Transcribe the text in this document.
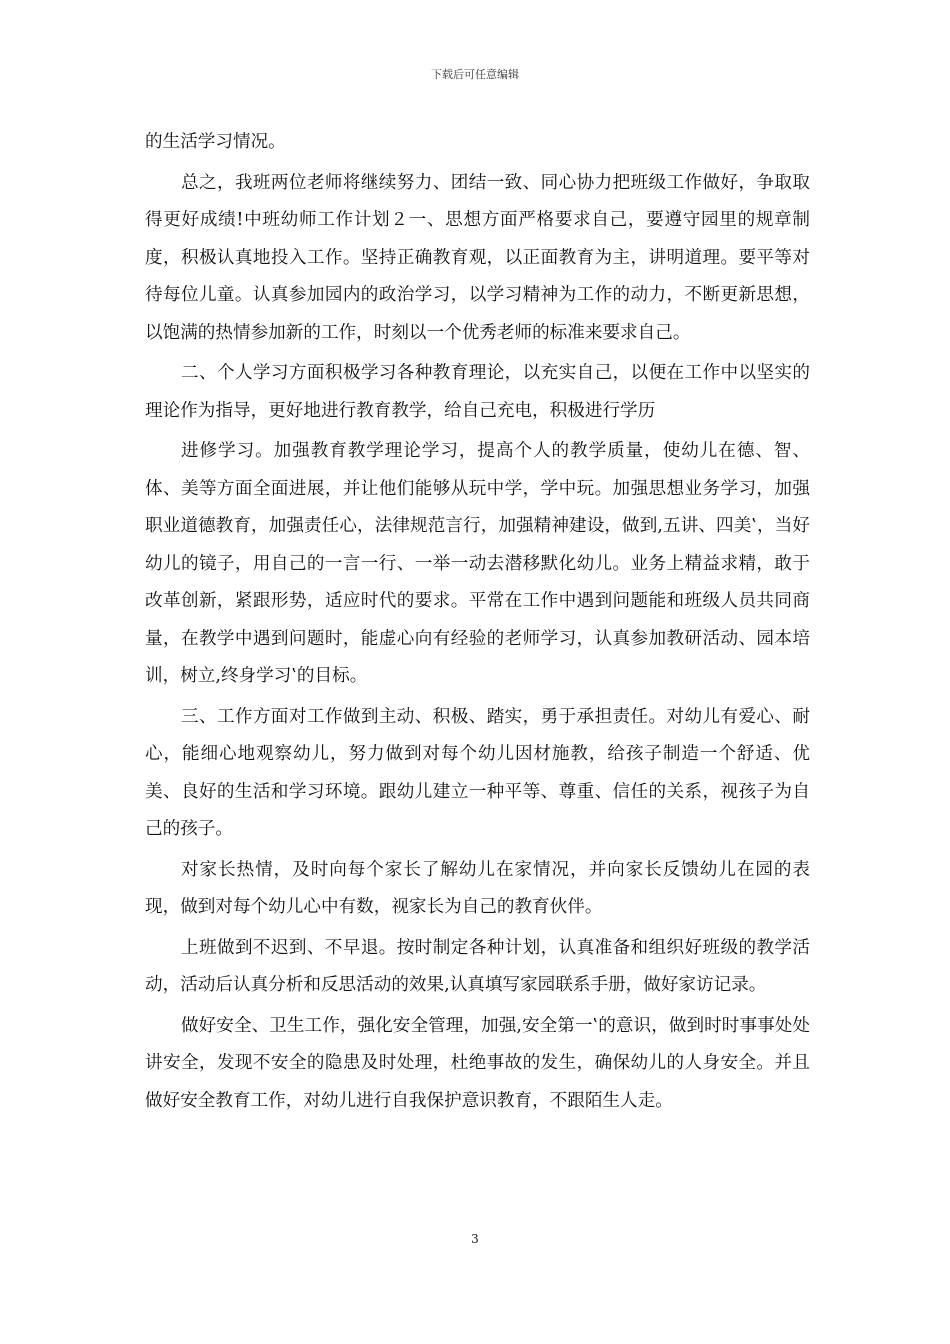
下载后可任意编辑

的生活学习情况。

总之，我班两位老师将继续努力、团结一致、同心协力把班级工作做好，争取取得更好成绩!中班幼师工作计划２一、思想方面严格要求自己，要遵守园里的规章制度，积极认真地投入工作。坚持正确教育观，以正面教育为主，讲明道理。要平等对待每位儿童。认真参加园内的政治学习，以学习精神为工作的动力，不断更新思想，以饱满的热情参加新的工作，时刻以一个优秀老师的标准来要求自己。

二、个人学习方面积极学习各种教育理论，以充实自己，以便在工作中以坚实的理论作为指导，更好地进行教育教学，给自己充电，积极进行学历

进修学习。加强教育教学理论学习，提高个人的教学质量，使幼儿在德、智、体、美等方面全面进展，并让他们能够从玩中学，学中玩。加强思想业务学习，加强职业道德教育，加强责任心，法律规范言行，加强精神建设，做到,五讲、四美‛，当好幼儿的镜子，用自己的一言一行、一举一动去潜移默化幼儿。业务上精益求精，敢于改革创新，紧跟形势，适应时代的要求。平常在工作中遇到问题能和班级人员共同商量，在教学中遇到问题时，能虚心向有经验的老师学习，认真参加教研活动、园本培训，树立,终身学习‛的目标。

三、工作方面对工作做到主动、积极、踏实，勇于承担责任。对幼儿有爱心、耐心，能细心地观察幼儿，努力做到对每个幼儿因材施教，给孩子制造一个舒适、优美、良好的生活和学习环境。跟幼儿建立一种平等、尊重、信任的关系，视孩子为自己的孩子。

对家长热情，及时向每个家长了解幼儿在家情况，并向家长反馈幼儿在园的表现，做到对每个幼儿心中有数，视家长为自己的教育伙伴。

上班做到不迟到、不早退。按时制定各种计划，认真准备和组织好班级的教学活动，活动后认真分析和反思活动的效果,认真填写家园联系手册，做好家访记录。

做好安全、卫生工作，强化安全管理，加强,安全第一‛的意识，做到时时事事处处讲安全，发现不安全的隐患及时处理，杜绝事故的发生，确保幼儿的人身安全。并且做好安全教育工作，对幼儿进行自我保护意识教育，不跟陌生人走。

3
